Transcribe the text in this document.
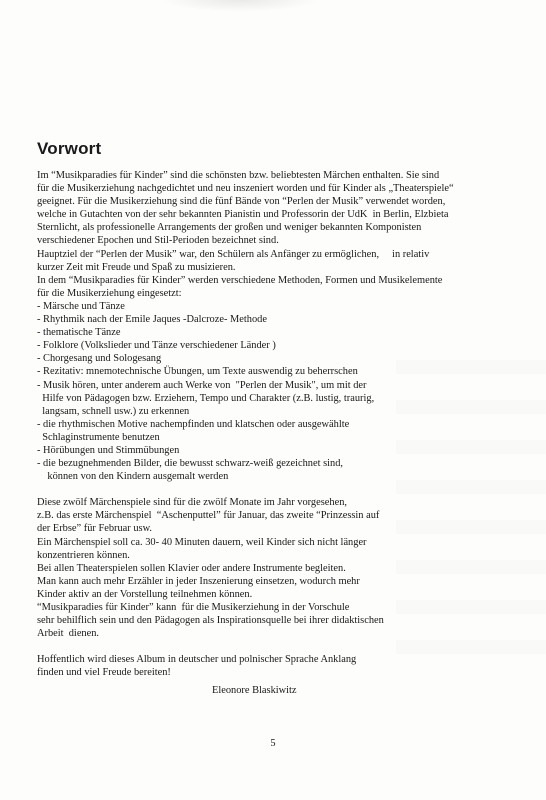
Vorwort
Im “Musikparadies für Kinder” sind die schönsten bzw. beliebtesten Märchen enthalten. Sie sind
für die Musikerziehung nachgedichtet und neu inszeniert worden und für Kinder als „Theaterspiele“
geeignet. Für die Musikerziehung sind die fünf Bände von “Perlen der Musik” verwendet worden,
welche in Gutachten von der sehr bekannten Pianistin und Professorin der UdK  in Berlin, Elzbieta
Sternlicht, als professionelle Arrangements der großen und weniger bekannten Komponisten
verschiedener Epochen und Stil-Perioden bezeichnet sind.
Hauptziel der “Perlen der Musik” war, den Schülern als Anfänger zu ermöglichen,     in relativ
kurzer Zeit mit Freude und Spaß zu musizieren.
In dem “Musikparadies für Kinder” werden verschiedene Methoden, Formen und Musikelemente
für die Musikerziehung eingesetzt:
- Märsche und Tänze
- Rhythmik nach der Emile Jaques -Dalcroze- Methode
- thematische Tänze
- Folklore (Volkslieder und Tänze verschiedener Länder )
- Chorgesang und Sologesang
- Rezitativ: mnemotechnische Übungen, um Texte auswendig zu beherrschen
- Musik hören, unter anderem auch Werke von  "Perlen der Musik", um mit der
Hilfe von Pädagogen bzw. Erziehern, Tempo und Charakter (z.B. lustig, traurig,
langsam, schnell usw.) zu erkennen
- die rhythmischen Motive nachempfinden und klatschen oder ausgewählte
Schlaginstrumente benutzen
- Hörübungen und Stimmübungen
- die bezugnehmenden Bilder, die bewusst schwarz-weiß gezeichnet sind,
können von den Kindern ausgemalt werden
Diese zwölf Märchenspiele sind für die zwölf Monate im Jahr vorgesehen,
z.B. das erste Märchenspiel  “Aschenputtel” für Januar, das zweite “Prinzessin auf
der Erbse” für Februar usw.
Ein Märchenspiel soll ca. 30- 40 Minuten dauern, weil Kinder sich nicht länger
konzentrieren können.
Bei allen Theaterspielen sollen Klavier oder andere Instrumente begleiten.
Man kann auch mehr Erzähler in jeder Inszenierung einsetzen, wodurch mehr
Kinder aktiv an der Vorstellung teilnehmen können.
“Musikparadies für Kinder” kann  für die Musikerziehung in der Vorschule
sehr behilflich sein und den Pädagogen als Inspirationsquelle bei ihrer didaktischen
Arbeit  dienen.
Hoffentlich wird dieses Album in deutscher und polnischer Sprache Anklang
finden und viel Freude bereiten!
Eleonore Blaskiwitz
5
